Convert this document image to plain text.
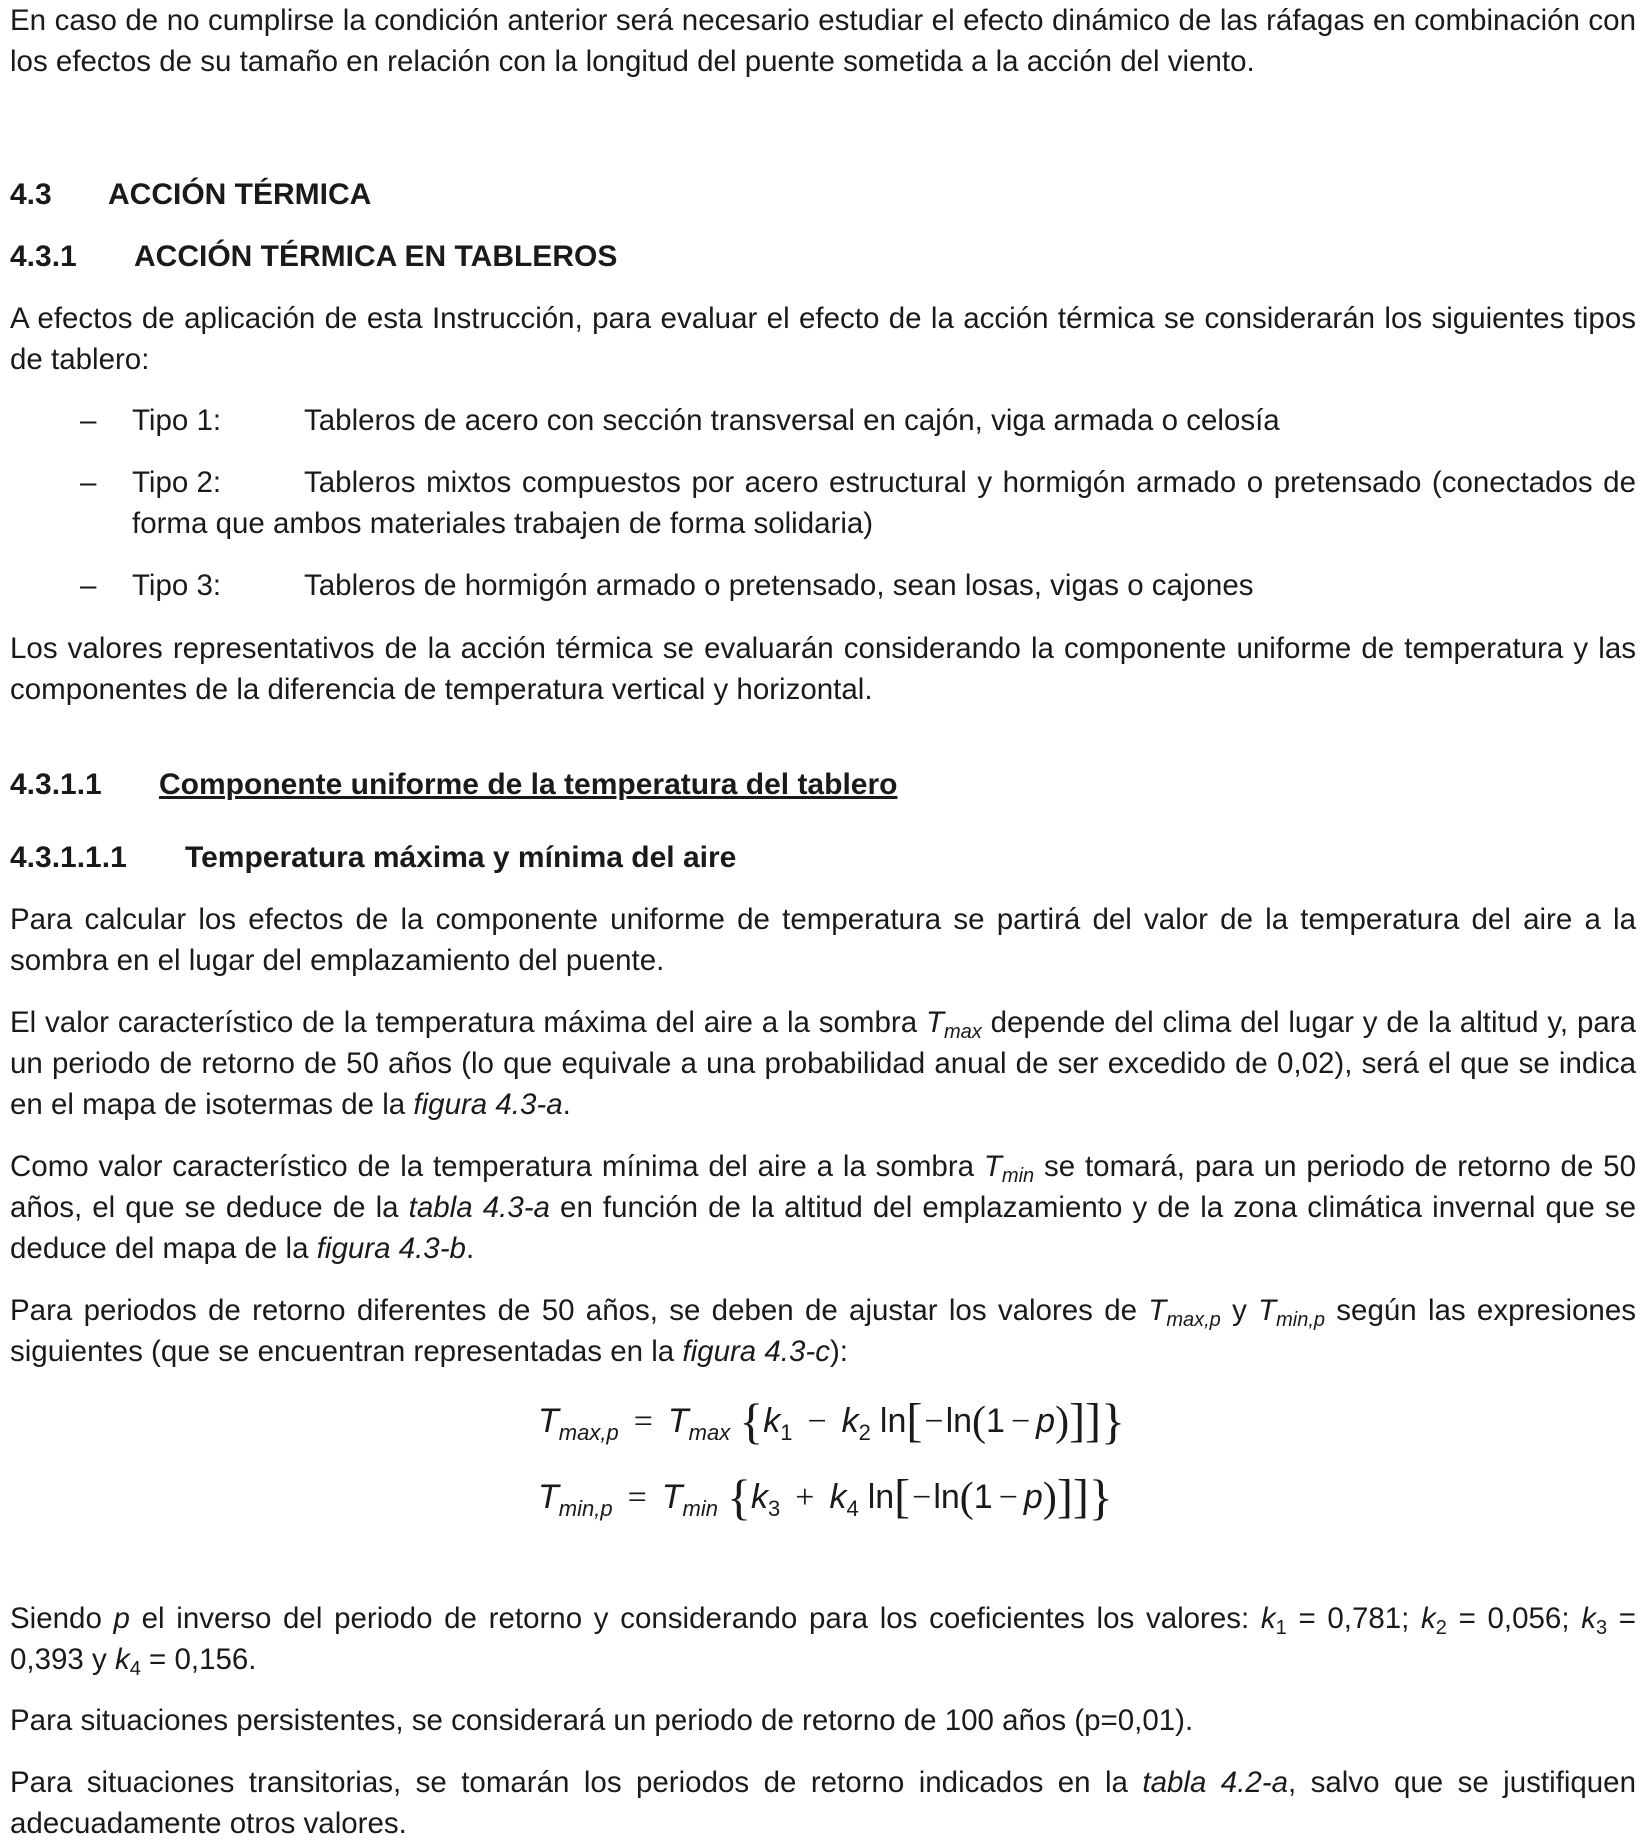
En caso de no cumplirse la condición anterior será necesario estudiar el efecto dinámico de las ráfagas en combinación con los efectos de su tamaño en relación con la longitud del puente sometida a la acción del viento.

4.3 ACCIÓN TÉRMICA
4.3.1 ACCIÓN TÉRMICA EN TABLEROS

A efectos de aplicación de esta Instrucción, para evaluar el efecto de la acción térmica se considerarán los siguientes tipos de tablero:

–	Tipo 1:	Tableros de acero con sección transversal en cajón, viga armada o celosía
–	Tipo 2:	Tableros mixtos compuestos por acero estructural y hormigón armado o pretensado (conectados de forma que ambos materiales trabajen de forma solidaria)
–	Tipo 3:	Tableros de hormigón armado o pretensado, sean losas, vigas o cajones

Los valores representativos de la acción térmica se evaluarán considerando la componente uniforme de temperatura y las componentes de la diferencia de temperatura vertical y horizontal.

4.3.1.1 Componente uniforme de la temperatura del tablero
4.3.1.1.1 Temperatura máxima y mínima del aire

Para calcular los efectos de la componente uniforme de temperatura se partirá del valor de la temperatura del aire a la sombra en el lugar del emplazamiento del puente.

El valor característico de la temperatura máxima del aire a la sombra $T_{max}$ depende del clima del lugar y de la altitud y, para un periodo de retorno de 50 años (lo que equivale a una probabilidad anual de ser excedido de 0,02), será el que se indica en el mapa de isotermas de la figura 4.3-a.

Como valor característico de la temperatura mínima del aire a la sombra $T_{min}$ se tomará, para un periodo de retorno de 50 años, el que se deduce de la tabla 4.3-a en función de la altitud del emplazamiento y de la zona climática invernal que se deduce del mapa de la figura 4.3-b.

Para periodos de retorno diferentes de 50 años, se deben de ajustar los valores de $T_{max,p}$ y $T_{min,p}$ según las expresiones siguientes (que se encuentran representadas en la figura 4.3-c):

$T_{max,p} = T_{max}$ {$k_1 - k_2$ ln[−ln(1 − p)]]}
$T_{min,p} = T_{min}$ {$k_3 + k_4$ ln[−ln(1 − p)]]}

Siendo p el inverso del periodo de retorno y considerando para los coeficientes los valores: $k_1 = 0,781$; $k_2 = 0,056$; $k_3 = 0,393$ y $k_4 = 0,156$.

Para situaciones persistentes, se considerará un periodo de retorno de 100 años (p=0,01).

Para situaciones transitorias, se tomarán los periodos de retorno indicados en la tabla 4.2-a, salvo que se justifiquen adecuadamente otros valores.
